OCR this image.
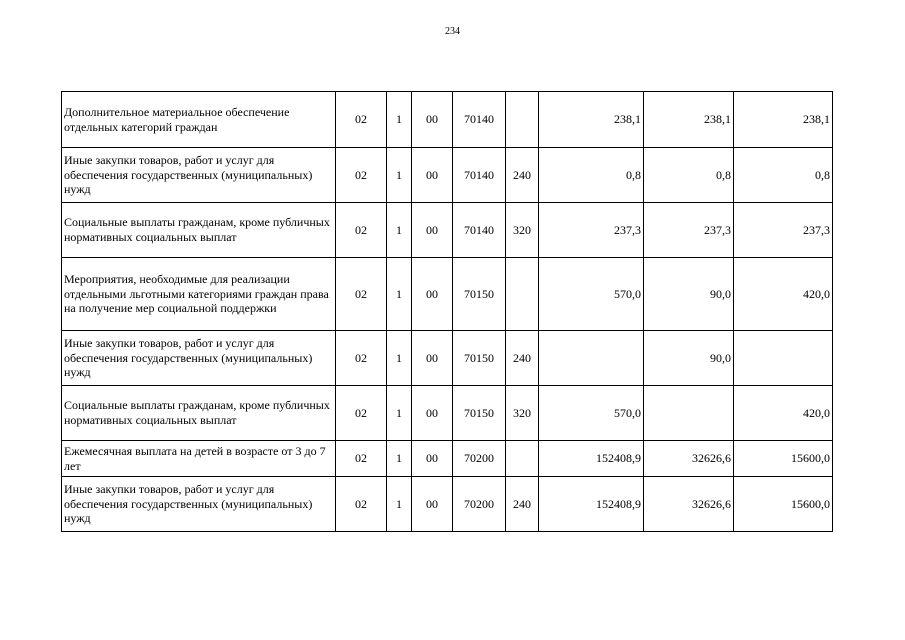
234
Дополнительное материальное обеспечение отдельных категорий граждан	02	1	00	70140		238,1	238,1	238,1
Иные закупки товаров, работ и услуг для обеспечения государственных (муниципальных) нужд	02	1	00	70140	240	0,8	0,8	0,8
Социальные выплаты гражданам, кроме публичных нормативных социальных выплат	02	1	00	70140	320	237,3	237,3	237,3
Мероприятия, необходимые для реализации отдельными льготными категориями граждан права на получение мер социальной поддержки	02	1	00	70150		570,0	90,0	420,0
Иные закупки товаров, работ и услуг для обеспечения государственных (муниципальных) нужд	02	1	00	70150	240		90,0	
Социальные выплаты гражданам, кроме публичных нормативных социальных выплат	02	1	00	70150	320	570,0		420,0
Ежемесячная выплата на детей в возрасте от 3 до 7 лет	02	1	00	70200		152408,9	32626,6	15600,0
Иные закупки товаров, работ и услуг для обеспечения государственных (муниципальных) нужд	02	1	00	70200	240	152408,9	32626,6	15600,0
